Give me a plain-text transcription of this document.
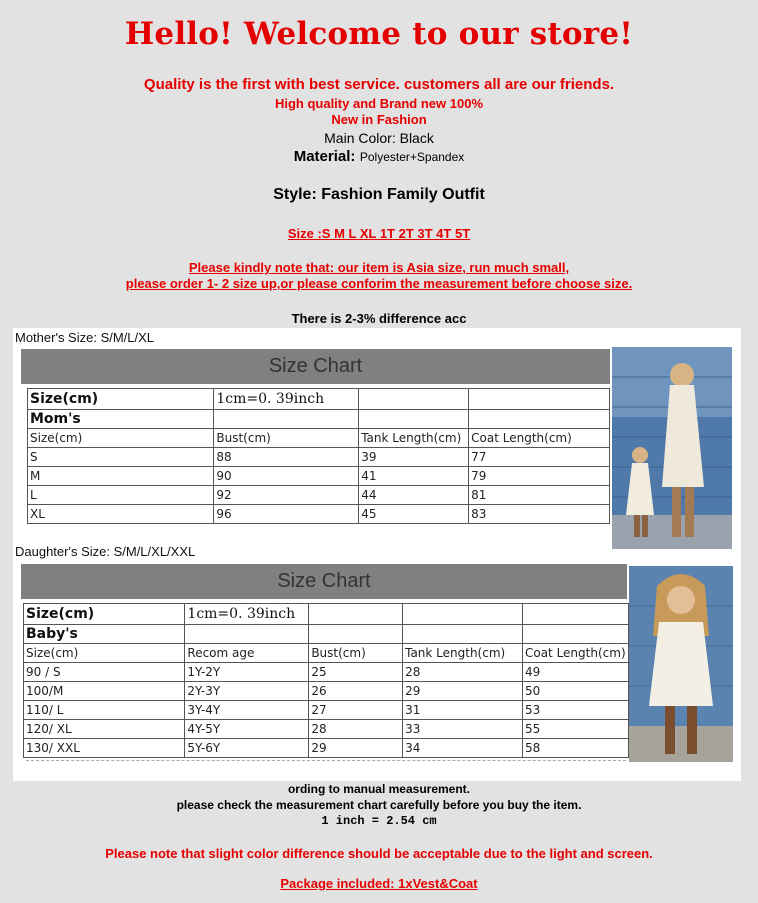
Hello! Welcome to our store!
Quality is the first with best service. customers all are our friends.
High quality and Brand new 100%
New in Fashion
Main Color: Black
Material: Polyester+Spandex
Style: Fashion Family Outfit
Size :S M L XL 1T 2T 3T 4T 5T
Please kindly note that: our item is Asia size, run much small,
please order 1- 2 size up,or please conforim the measurement before choose size.
There is 2-3% difference acc
Mother's Size: S/M/L/XL
Size Chart
Size(cm)	1cm=0. 39inch		
Mom's			
Size(cm)	Bust(cm)	Tank Length(cm)	Coat Length(cm)
S	88	39	77
M	90	41	79
L	92	44	81
XL	96	45	83
Daughter's Size: S/M/L/XL/XXL
Size Chart
Size(cm)	1cm=0. 39inch			
Baby's				
Size(cm)	Recom age	Bust(cm)	Tank Length(cm)	Coat Length(cm)
90 / S	1Y-2Y	25	28	49
100/M	2Y-3Y	26	29	50
110/ L	3Y-4Y	27	31	53
120/ XL	4Y-5Y	28	33	55
130/ XXL	5Y-6Y	29	34	58
ording to manual measurement.
please check the measurement chart carefully before you buy the item.
1 inch = 2.54 cm
Please note that slight color difference should be acceptable due to the light and screen.
Package included: 1xVest&Coat
